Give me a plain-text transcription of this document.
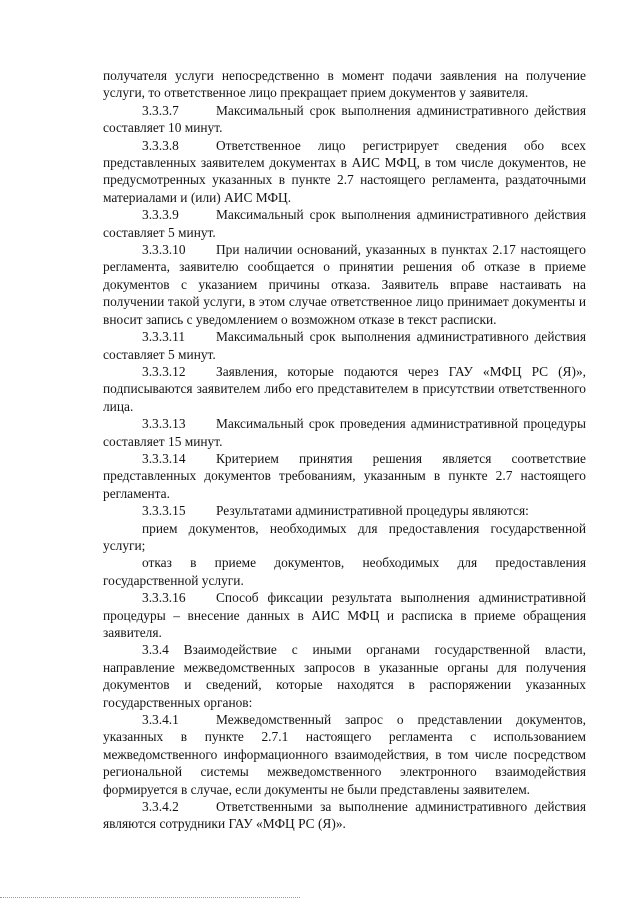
получателя услуги непосредственно в момент подачи заявления на получение услуги, то ответственное лицо прекращает прием документов у заявителя.

3.3.3.7	Максимальный срок выполнения административного действия составляет 10 минут.

3.3.3.8	Ответственное лицо регистрирует сведения обо всех представленных заявителем документах в АИС МФЦ, в том числе документов, не предусмотренных указанных в пункте 2.7 настоящего регламента, раздаточными материалами и (или) АИС МФЦ.

3.3.3.9	Максимальный срок выполнения административного действия составляет 5 минут.

3.3.3.10 При наличии оснований, указанных в пунктах 2.17 настоящего регламента, заявителю сообщается о принятии решения об отказе в приеме документов с указанием причины отказа. Заявитель вправе настаивать на получении такой услуги, в этом случае ответственное лицо принимает документы и вносит запись с уведомлением о возможном отказе в текст расписки.

3.3.3.11 Максимальный срок выполнения административного действия составляет 5 минут.

3.3.3.12 Заявления, которые подаются через ГАУ «МФЦ РС (Я)», подписываются заявителем либо его представителем в присутствии ответственного лица.

3.3.3.13 Максимальный срок проведения административной процедуры составляет 15 минут.

3.3.3.14 Критерием принятия решения является соответствие представленных документов требованиям, указанным в пункте 2.7 настоящего регламента.

3.3.3.15 Результатами административной процедуры являются:

прием документов, необходимых для предоставления государственной услуги;

отказ в приеме документов, необходимых для предоставления государственной услуги.

3.3.3.16 Способ фиксации результата выполнения административной процедуры – внесение данных в АИС МФЦ и расписка в приеме обращения заявителя.

3.3.4 Взаимодействие с иными органами государственной власти, направление межведомственных запросов в указанные органы для получения документов и сведений, которые находятся в распоряжении указанных государственных органов:

3.3.4.1	Межведомственный запрос о представлении документов, указанных в пункте 2.7.1 настоящего регламента с использованием межведомственного информационного взаимодействия, в том числе посредством региональной системы межведомственного электронного взаимодействия формируется в случае, если документы не были представлены заявителем.

3.3.4.2	Ответственными за выполнение административного действия являются сотрудники ГАУ «МФЦ РС (Я)».
